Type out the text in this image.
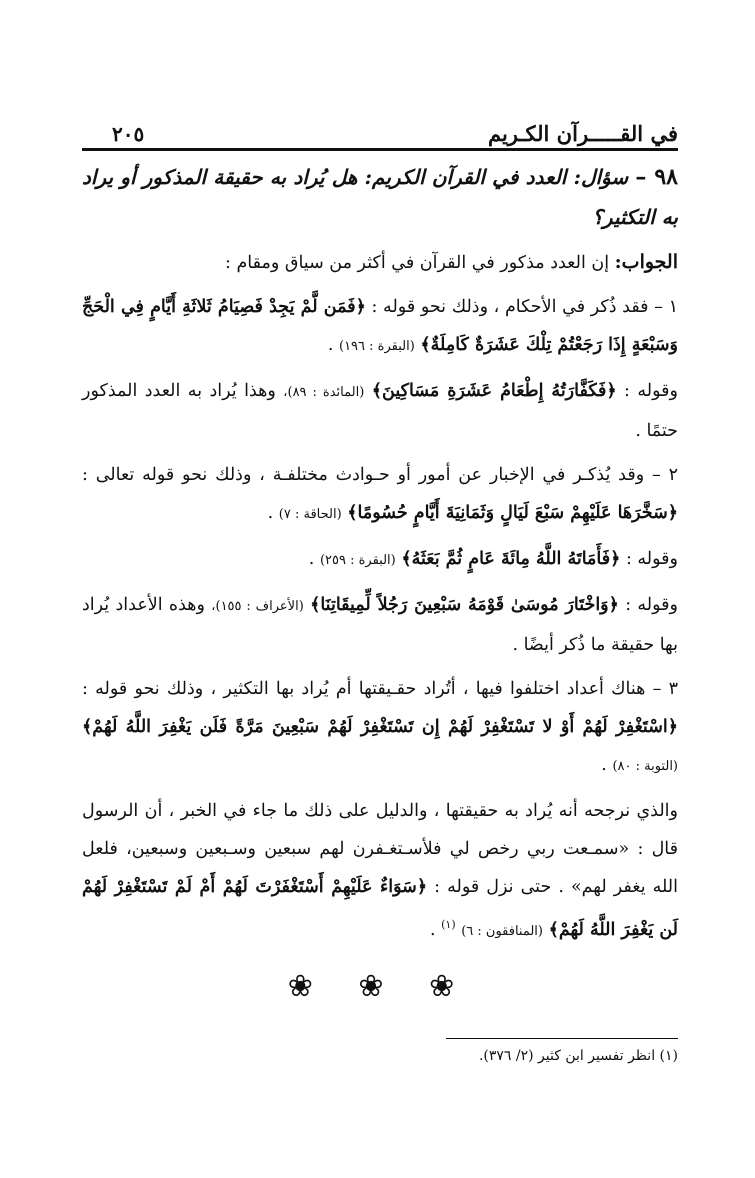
في القـــــرآن الكـريم
٢٠٥
٩٨ – سؤال: العدد في القرآن الكريم: هل يُراد به حقيقة المذكور أو يراد به التكثير؟

الجواب: إن العدد مذكور في القرآن في أكثر من سياق ومقام :

١ – فقد ذُكر في الأحكام ، وذلك نحو قوله : ﴿فَمَن لَّمْ يَجِدْ فَصِيَامُ ثَلاثَةِ أَيَّامٍ فِي الْحَجِّ وَسَبْعَةٍ إِذَا رَجَعْتُمْ تِلْكَ عَشَرَةٌ كَامِلَةٌ﴾ (البقرة : ١٩٦) .

وقوله : ﴿فَكَفَّارَتُهُ إِطْعَامُ عَشَرَةِ مَسَاكِينَ﴾ (المائدة : ٨٩)، وهذا يُراد به العدد المذكور حتمًا .

٢ – وقد يُذكـر في الإخبار عن أمور أو حـوادث مختلفـة ، وذلك نحو قوله تعالى : ﴿سَخَّرَهَا عَلَيْهِمْ سَبْعَ لَيَالٍ وَثَمَانِيَةَ أَيَّامٍ حُسُومًا﴾ (الحاقة : ٧) .

وقوله : ﴿فَأَمَاتَهُ اللَّهُ مِائَةَ عَامٍ ثُمَّ بَعَثَهُ﴾ (البقرة : ٢٥٩) .

وقوله : ﴿وَاخْتَارَ مُوسَىٰ قَوْمَهُ سَبْعِينَ رَجُلاً لِّمِيقَاتِنَا﴾ (الأعراف : ١٥٥)، وهذه الأعداد يُراد بها حقيقة ما ذُكر أيضًا .

٣ – هناك أعداد اختلفوا فيها ، أتُراد حقـيقتها أم يُراد بها التكثير ، وذلك نحو قوله : ﴿اسْتَغْفِرْ لَهُمْ أَوْ لا تَسْتَغْفِرْ لَهُمْ إِن تَسْتَغْفِرْ لَهُمْ سَبْعِينَ مَرَّةً فَلَن يَغْفِرَ اللَّهُ لَهُمْ﴾ (التوبة : ٨٠) .

والذي نرجحه أنه يُراد به حقيقتها ، والدليل على ذلك ما جاء في الخبر ، أن الرسول قال : «سمـعت ربي رخص لي فلأسـتغـفرن لهم سبعين وسـبعين وسبعين، فلعل الله يغفر لهم» . حتى نزل قوله : ﴿سَوَاءٌ عَلَيْهِمْ أَسْتَغْفَرْتَ لَهُمْ أَمْ لَمْ تَسْتَغْفِرْ لَهُمْ لَن يَغْفِرَ اللَّهُ لَهُمْ﴾ (المنافقون : ٦) $^{(١)}$ .

❀ ❀ ❀

(١) انظر تفسير ابن كثير (٢/ ٣٧٦).
